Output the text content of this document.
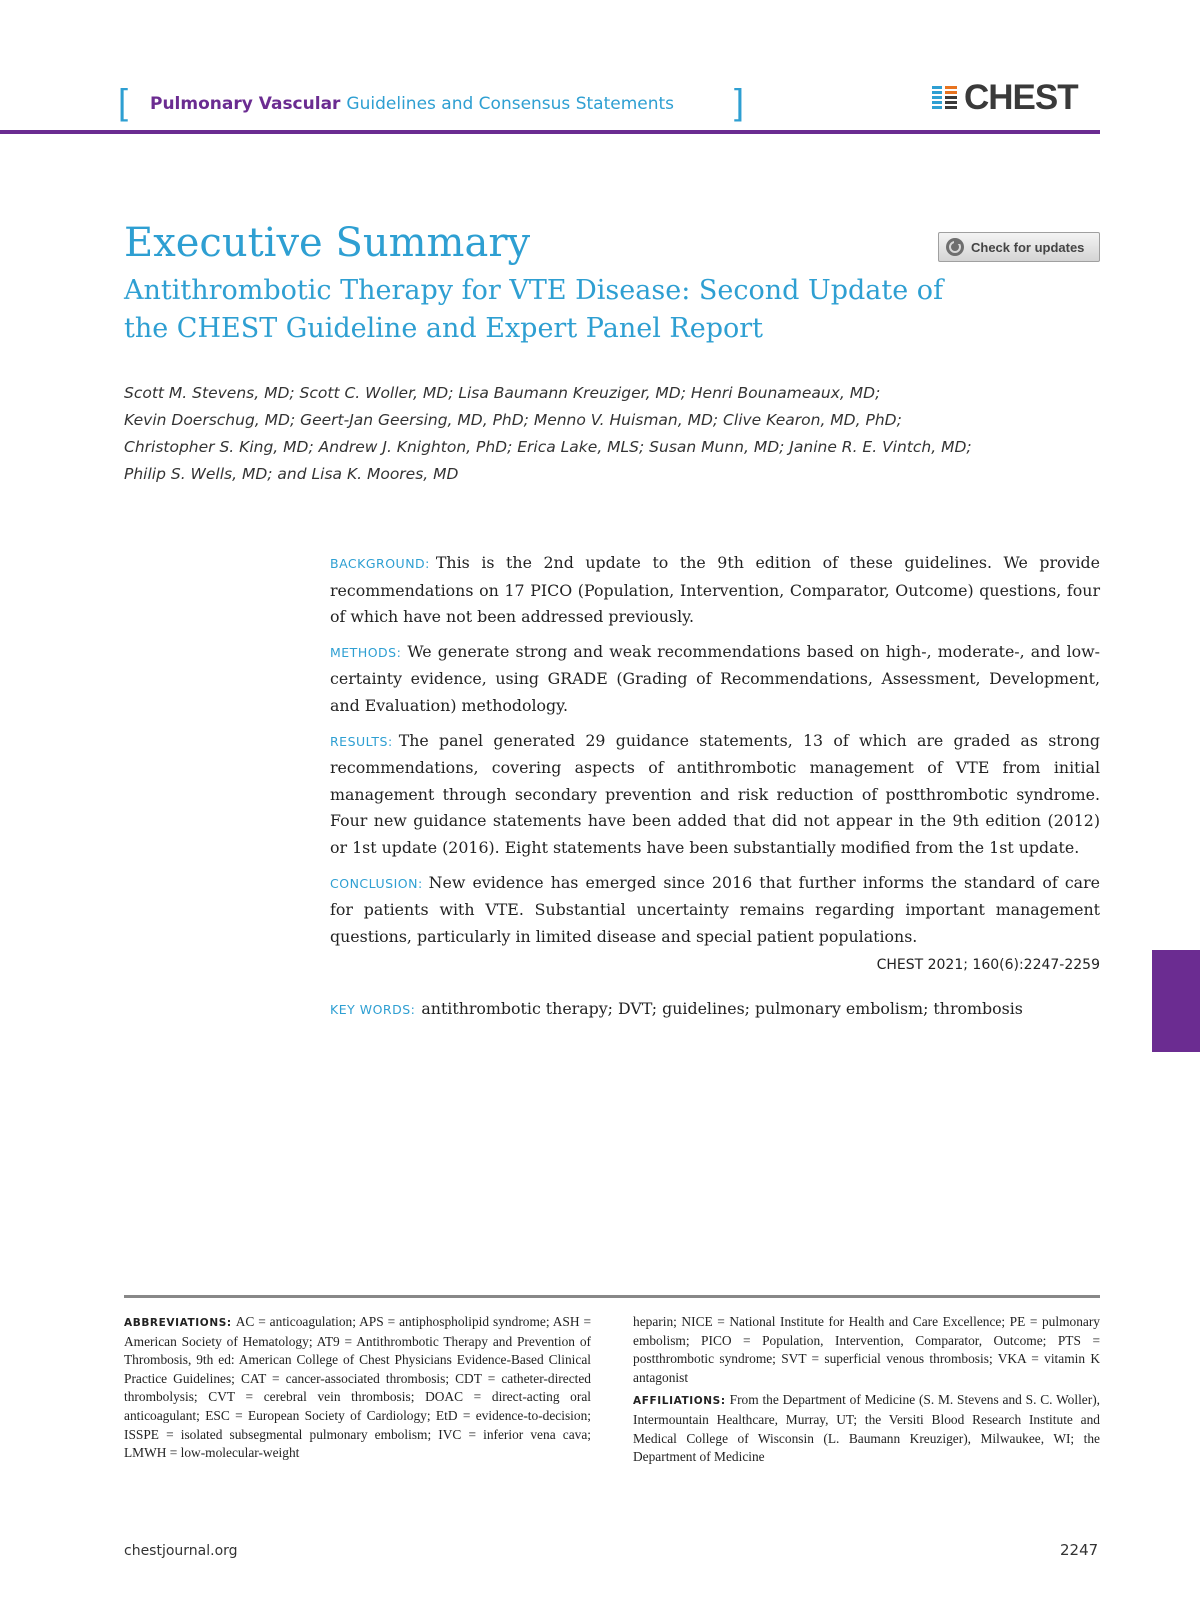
[ Pulmonary Vascular Guidelines and Consensus Statements ]	CHEST
Executive Summary
Antithrombotic Therapy for VTE Disease: Second Update of the CHEST Guideline and Expert Panel Report
Check for updates
Scott M. Stevens, MD; Scott C. Woller, MD; Lisa Baumann Kreuziger, MD; Henri Bounameaux, MD;
Kevin Doerschug, MD; Geert-Jan Geersing, MD, PhD; Menno V. Huisman, MD; Clive Kearon, MD, PhD;
Christopher S. King, MD; Andrew J. Knighton, PhD; Erica Lake, MLS; Susan Munn, MD; Janine R. E. Vintch, MD;
Philip S. Wells, MD; and Lisa K. Moores, MD

BACKGROUND: This is the 2nd update to the 9th edition of these guidelines. We provide recommendations on 17 PICO (Population, Intervention, Comparator, Outcome) questions, four of which have not been addressed previously.

METHODS: We generate strong and weak recommendations based on high-, moderate-, and low-certainty evidence, using GRADE (Grading of Recommendations, Assessment, Development, and Evaluation) methodology.

RESULTS: The panel generated 29 guidance statements, 13 of which are graded as strong recommendations, covering aspects of antithrombotic management of VTE from initial management through secondary prevention and risk reduction of postthrombotic syndrome. Four new guidance statements have been added that did not appear in the 9th edition (2012) or 1st update (2016). Eight statements have been substantially modified from the 1st update.

CONCLUSION: New evidence has emerged since 2016 that further informs the standard of care for patients with VTE. Substantial uncertainty remains regarding important management questions, particularly in limited disease and special patient populations.

CHEST 2021; 160(6):2247-2259

KEY WORDS: antithrombotic therapy; DVT; guidelines; pulmonary embolism; thrombosis

ABBREVIATIONS: AC = anticoagulation; APS = antiphospholipid syndrome; ASH = American Society of Hematology; AT9 = Antithrombotic Therapy and Prevention of Thrombosis, 9th ed: American College of Chest Physicians Evidence-Based Clinical Practice Guidelines; CAT = cancer-associated thrombosis; CDT = catheter-directed thrombolysis; CVT = cerebral vein thrombosis; DOAC = direct-acting oral anticoagulant; ESC = European Society of Cardiology; EtD = evidence-to-decision; ISSPE = isolated subsegmental pulmonary embolism; IVC = inferior vena cava; LMWH = low-molecular-weight

heparin; NICE = National Institute for Health and Care Excellence; PE = pulmonary embolism; PICO = Population, Intervention, Comparator, Outcome; PTS = postthrombotic syndrome; SVT = superficial venous thrombosis; VKA = vitamin K antagonist

AFFILIATIONS: From the Department of Medicine (S. M. Stevens and S. C. Woller), Intermountain Healthcare, Murray, UT; the Versiti Blood Research Institute and Medical College of Wisconsin (L. Baumann Kreuziger), Milwaukee, WI; the Department of Medicine

chestjournal.org	2247
